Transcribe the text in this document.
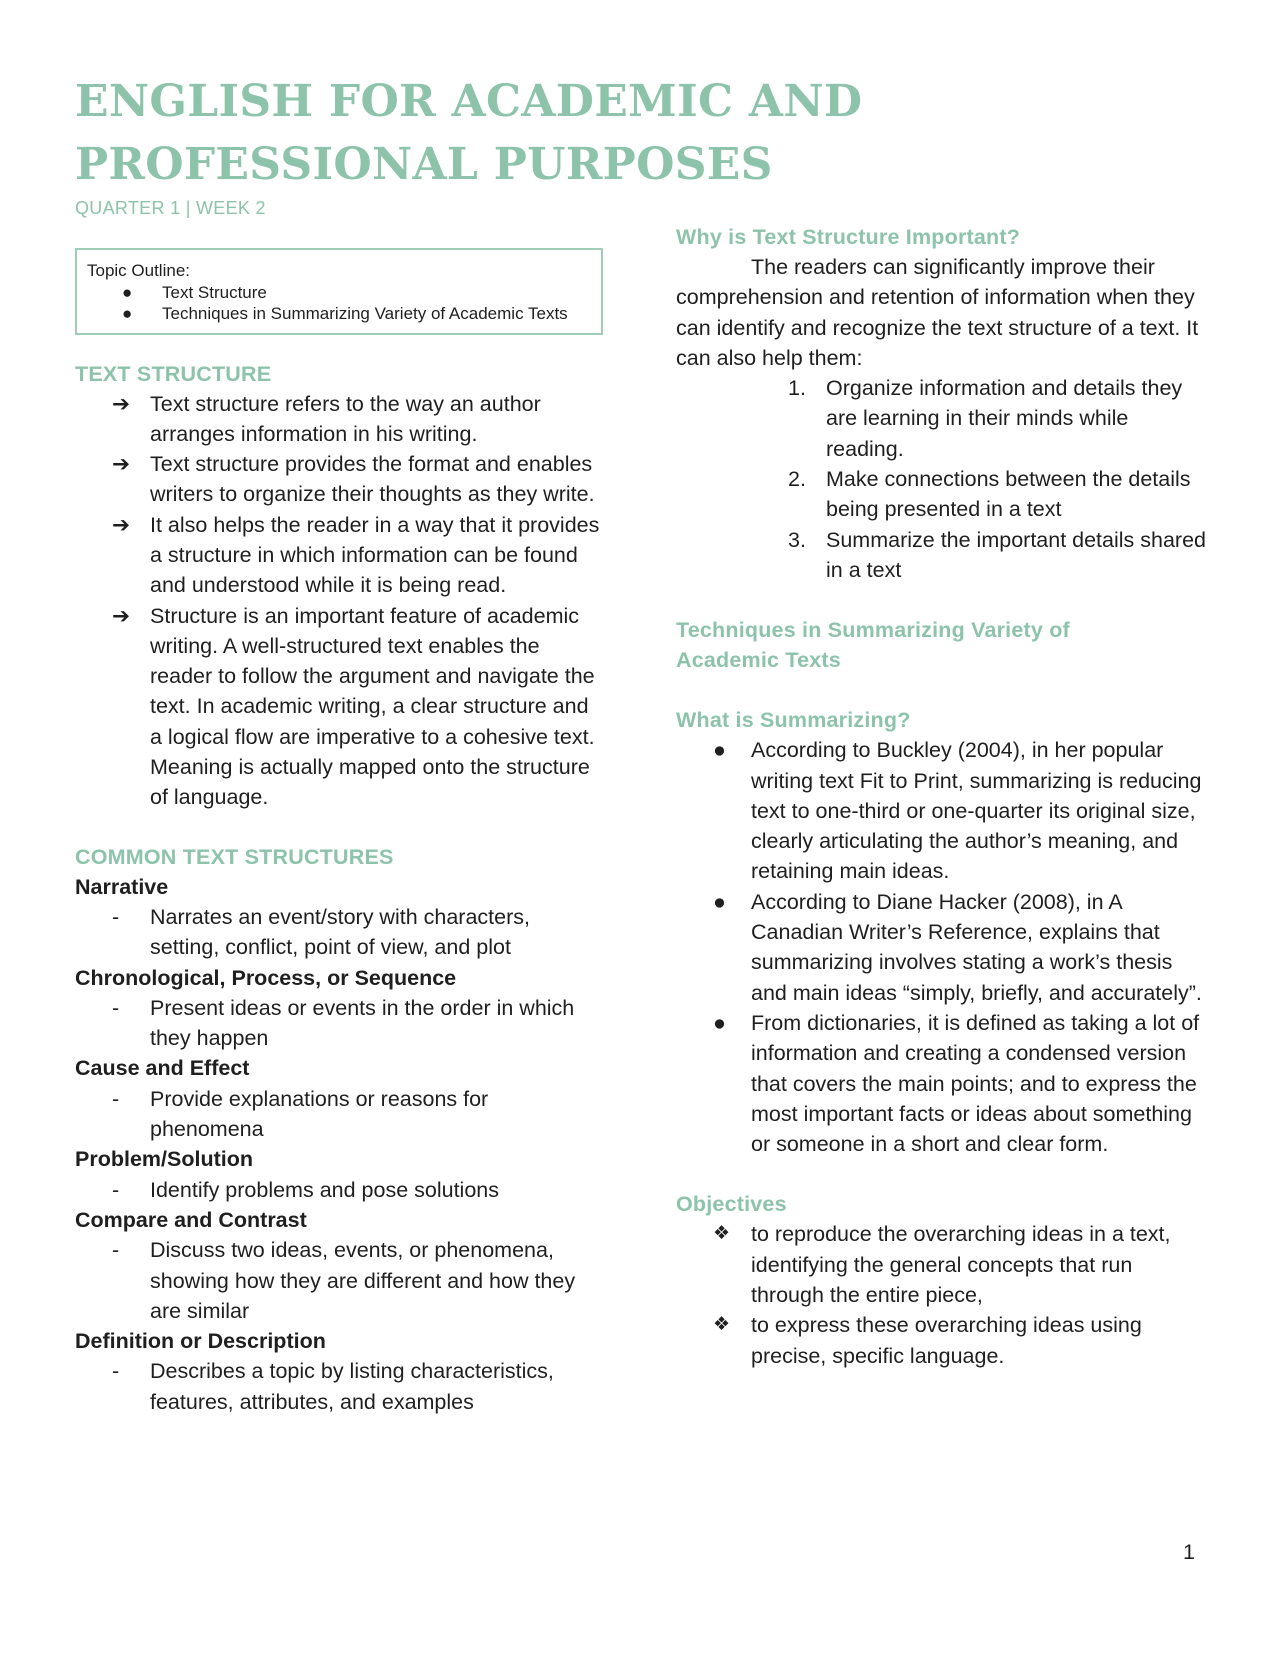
ENGLISH FOR ACADEMIC AND
PROFESSIONAL PURPOSES
QUARTER 1 | WEEK 2
Topic Outline:
●	Text Structure
●	Techniques in Summarizing Variety of Academic Texts
TEXT STRUCTURE
➔ Text structure refers to the way an author arranges information in his writing.
➔ Text structure provides the format and enables writers to organize their thoughts as they write.
➔ It also helps the reader in a way that it provides a structure in which information can be found and understood while it is being read.
➔ Structure is an important feature of academic writing. A well-structured text enables the reader to follow the argument and navigate the text. In academic writing, a clear structure and a logical flow are imperative to a cohesive text. Meaning is actually mapped onto the structure of language.
COMMON TEXT STRUCTURES
Narrative
-	Narrates an event/story with characters, setting, conflict, point of view, and plot
Chronological, Process, or Sequence
-	Present ideas or events in the order in which they happen
Cause and Effect
-	Provide explanations or reasons for phenomena
Problem/Solution
-	Identify problems and pose solutions
Compare and Contrast
-	Discuss two ideas, events, or phenomena, showing how they are different and how they are similar
Definition or Description
-	Describes a topic by listing characteristics, features, attributes, and examples
Why is Text Structure Important?
The readers can significantly improve their comprehension and retention of information when they can identify and recognize the text structure of a text. It can also help them:
1. Organize information and details they are learning in their minds while reading.
2. Make connections between the details being presented in a text
3. Summarize the important details shared in a text
Techniques in Summarizing Variety of
Academic Texts
What is Summarizing?
●	According to Buckley (2004), in her popular writing text Fit to Print, summarizing is reducing text to one-third or one-quarter its original size, clearly articulating the author’s meaning, and retaining main ideas.
●	According to Diane Hacker (2008), in A Canadian Writer’s Reference, explains that summarizing involves stating a work’s thesis and main ideas “simply, briefly, and accurately”.
●	From dictionaries, it is defined as taking a lot of information and creating a condensed version that covers the main points; and to express the most important facts or ideas about something or someone in a short and clear form.
Objectives
❖ to reproduce the overarching ideas in a text, identifying the general concepts that run through the entire piece,
❖ to express these overarching ideas using precise, specific language.
1
